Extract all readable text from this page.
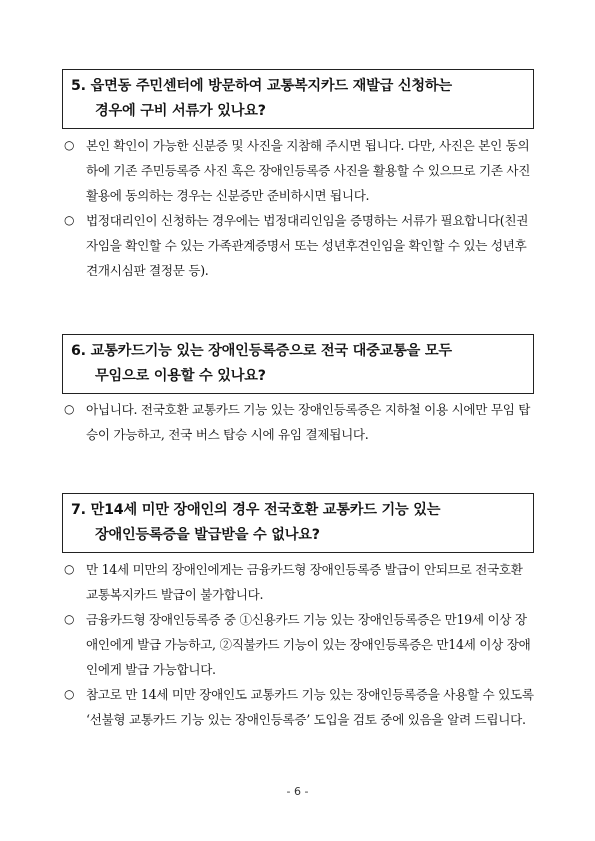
5. 읍면동 주민센터에 방문하여 교통복지카드 재발급 신청하는
경우에 구비 서류가 있나요?
○ 본인 확인이 가능한 신분증 및 사진을 지참해 주시면 됩니다. 다만, 사진은 본인 동의하에 기존 주민등록증 사진 혹은 장애인등록증 사진을 활용할 수 있으므로 기존 사진 활용에 동의하는 경우는 신분증만 준비하시면 됩니다.
○ 법정대리인이 신청하는 경우에는 법정대리인임을 증명하는 서류가 필요합니다(친권자임을 확인할 수 있는 가족관계증명서 또는 성년후견인임을 확인할 수 있는 성년후견개시심판 결정문 등).
6. 교통카드기능 있는 장애인등록증으로 전국 대중교통을 모두
무임으로 이용할 수 있나요?
○ 아닙니다. 전국호환 교통카드 기능 있는 장애인등록증은 지하철 이용 시에만 무임 탑승이 가능하고, 전국 버스 탑승 시에 유임 결제됩니다.
7. 만14세 미만 장애인의 경우 전국호환 교통카드 기능 있는
장애인등록증을 발급받을 수 없나요?
○ 만 14세 미만의 장애인에게는 금융카드형 장애인등록증 발급이 안되므로 전국호환 교통복지카드 발급이 불가합니다.
○ 금융카드형 장애인등록증 중 ①신용카드 기능 있는 장애인등록증은 만19세 이상 장애인에게 발급 가능하고, ②직불카드 기능이 있는 장애인등록증은 만14세 이상 장애인에게 발급 가능합니다.
○ 참고로 만 14세 미만 장애인도 교통카드 기능 있는 장애인등록증을 사용할 수 있도록 ‘선불형 교통카드 기능 있는 장애인등록증’ 도입을 검토 중에 있음을 알려 드립니다.
- 6 -
